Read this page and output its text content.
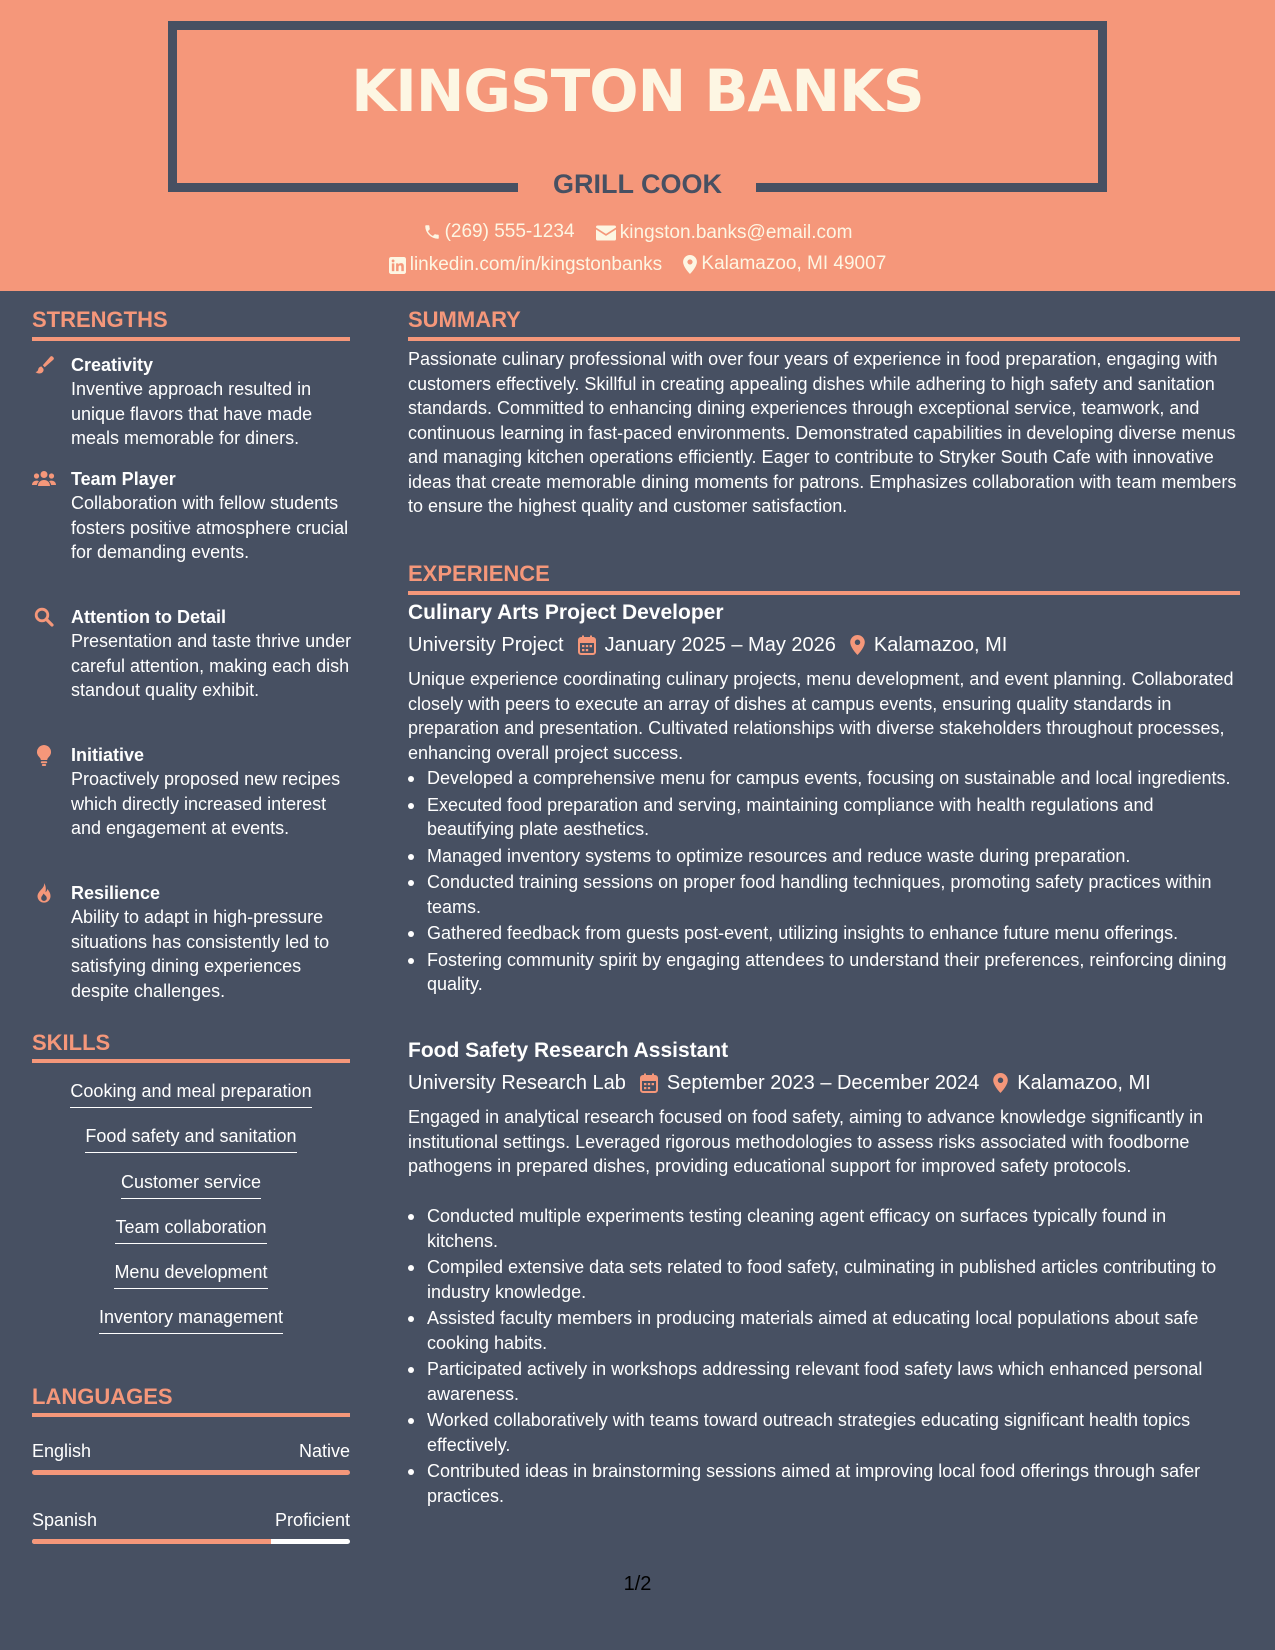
KINGSTON BANKS
GRILL COOK
(269) 555-1234
kingston.banks@email.com
linkedin.com/in/kingstonbanks
Kalamazoo, MI 49007
STRENGTHS
Creativity
Inventive approach resulted in unique flavors that have made meals memorable for diners.
Team Player
Collaboration with fellow students fosters positive atmosphere crucial for demanding events.
Attention to Detail
Presentation and taste thrive under careful attention, making each dish standout quality exhibit.
Initiative
Proactively proposed new recipes which directly increased interest and engagement at events.
Resilience
Ability to adapt in high-pressure situations has consistently led to satisfying dining experiences despite challenges.
SKILLS
Cooking and meal preparation
Food safety and sanitation
Customer service
Team collaboration
Menu development
Inventory management
LANGUAGES
English	Native
Spanish	Proficient
SUMMARY
Passionate culinary professional with over four years of experience in food preparation, engaging with customers effectively. Skillful in creating appealing dishes while adhering to high safety and sanitation standards. Committed to enhancing dining experiences through exceptional service, teamwork, and continuous learning in fast-paced environments. Demonstrated capabilities in developing diverse menus and managing kitchen operations efficiently. Eager to contribute to Stryker South Cafe with innovative ideas that create memorable dining moments for patrons. Emphasizes collaboration with team members to ensure the highest quality and customer satisfaction.
EXPERIENCE
Culinary Arts Project Developer
University Project January 2025 – May 2026 Kalamazoo, MI
Unique experience coordinating culinary projects, menu development, and event planning. Collaborated closely with peers to execute an array of dishes at campus events, ensuring quality standards in preparation and presentation. Cultivated relationships with diverse stakeholders throughout processes, enhancing overall project success.
Developed a comprehensive menu for campus events, focusing on sustainable and local ingredients.
Executed food preparation and serving, maintaining compliance with health regulations and beautifying plate aesthetics.
Managed inventory systems to optimize resources and reduce waste during preparation.
Conducted training sessions on proper food handling techniques, promoting safety practices within teams.
Gathered feedback from guests post-event, utilizing insights to enhance future menu offerings.
Fostering community spirit by engaging attendees to understand their preferences, reinforcing dining quality.
Food Safety Research Assistant
University Research Lab September 2023 – December 2024 Kalamazoo, MI
Engaged in analytical research focused on food safety, aiming to advance knowledge significantly in institutional settings. Leveraged rigorous methodologies to assess risks associated with foodborne pathogens in prepared dishes, providing educational support for improved safety protocols.
Conducted multiple experiments testing cleaning agent efficacy on surfaces typically found in kitchens.
Compiled extensive data sets related to food safety, culminating in published articles contributing to industry knowledge.
Assisted faculty members in producing materials aimed at educating local populations about safe cooking habits.
Participated actively in workshops addressing relevant food safety laws which enhanced personal awareness.
Worked collaboratively with teams toward outreach strategies educating significant health topics effectively.
Contributed ideas in brainstorming sessions aimed at improving local food offerings through safer practices.
1/2
